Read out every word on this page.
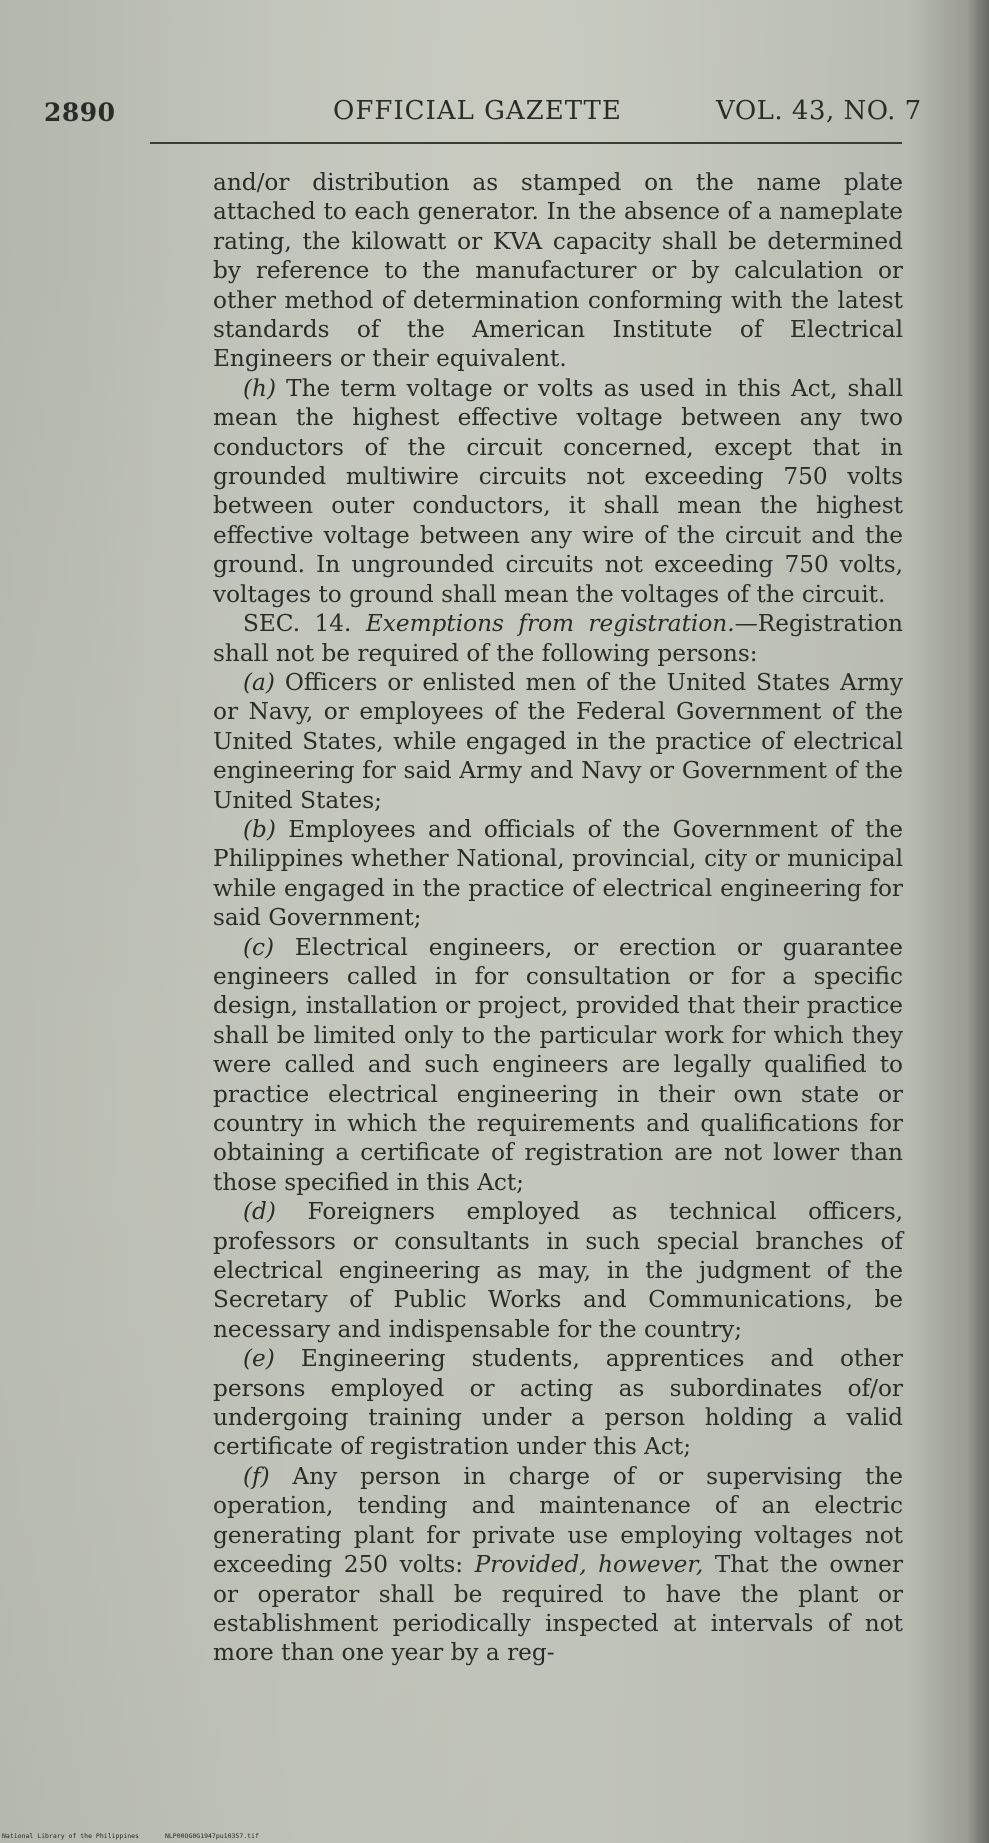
2890	OFFICIAL GAZETTE	VOL. 43, NO. 7

and/or distribution as stamped on the name plate attached to each generator. In the absence of a nameplate rating, the kilowatt or KVA capacity shall be determined by reference to the manufacturer or by calculation or other method of determination conforming with the latest standards of the American Institute of Electrical Engineers or their equivalent.

(h) The term voltage or volts as used in this Act, shall mean the highest effective voltage between any two conductors of the circuit concerned, except that in grounded multiwire circuits not exceeding 750 volts between outer conductors, it shall mean the highest effective voltage between any wire of the circuit and the ground. In ungrounded circuits not exceeding 750 volts, voltages to ground shall mean the voltages of the circuit.

SEC. 14. Exemptions from registration.—Registration shall not be required of the following persons:

(a) Officers or enlisted men of the United States Army or Navy, or employees of the Federal Government of the United States, while engaged in the practice of electrical engineering for said Army and Navy or Government of the United States;

(b) Employees and officials of the Government of the Philippines whether National, provincial, city or municipal while engaged in the practice of electrical engineering for said Government;

(c) Electrical engineers, or erection or guarantee engineers called in for consultation or for a specific design, installation or project, provided that their practice shall be limited only to the particular work for which they were called and such engineers are legally qualified to practice electrical engineering in their own state or country in which the requirements and qualifications for obtaining a certificate of registration are not lower than those specified in this Act;

(d) Foreigners employed as technical officers, professors or consultants in such special branches of electrical engineering as may, in the judgment of the Secretary of Public Works and Communications, be necessary and indispensable for the country;

(e) Engineering students, apprentices and other persons employed or acting as subordinates of/or undergoing training under a person holding a valid certificate of registration under this Act;

(f) Any person in charge of or supervising the operation, tending and maintenance of an electric generating plant for private use employing voltages not exceeding 250 volts: Provided, however, That the owner or operator shall be required to have the plant or establishment periodically inspected at intervals of not more than one year by a reg-

National Library of the Philippines	NLP00OG0G1947pu10357.tif
